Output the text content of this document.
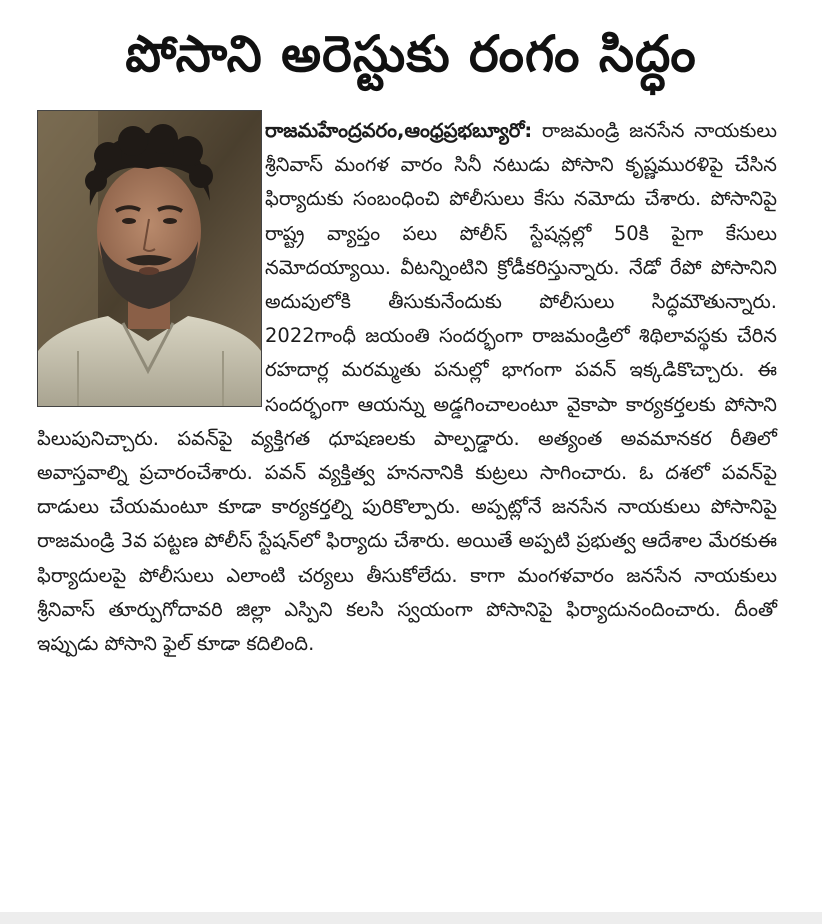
పోసాని అరెస్టుకు రంగం సిద్ధం
రాజమహేంద్రవరం,ఆంధ్రప్రభబ్యూరో: రాజమండ్రి జనసేన నాయకులు శ్రీనివాస్ మంగళ వారం సినీ నటుడు పోసాని కృష్ణమురళిపై చేసిన ఫిర్యాదుకు సంబంధించి పోలీసులు కేసు నమోదు చేశారు. పోసానిపై రాష్ట్ర వ్యాప్తం పలు పోలీస్ స్టేషన్లల్లో 50కి పైగా కేసులు నమోదయ్యాయి. వీటన్నింటిని క్రోడీకరిస్తున్నారు. నేడో రేపో పోసానిని అదుపులోకి తీసుకునేందుకు పోలీసులు సిద్ధమౌతున్నారు. 2022గాంధీ జయంతి సందర్భంగా రాజమండ్రిలో శిథిలావస్థకు చేరిన రహదార్ల మరమ్మతు పనుల్లో భాగంగా పవన్ ఇక్కడికొచ్చారు. ఈ సందర్భంగా ఆయన్ను అడ్డగించాలంటూ వైకాపా కార్యకర్తలకు పోసాని పిలుపునిచ్చారు. పవన్‌పై వ్యక్తిగత ధూషణలకు పాల్పడ్డారు. అత్యంత అవమానకర రీతిలో అవాస్తవాల్ని ప్రచారంచేశారు. పవన్ వ్యక్తిత్వ హననానికి కుట్రలు సాగించారు. ఓ దశలో పవన్‌పై దాడులు చేయమంటూ కూడా కార్యకర్తల్ని పురికొల్పారు. అప్పట్లోనే జనసేన నాయకులు పోసానిపై రాజమండ్రి 3వ పట్టణ పోలీస్ స్టేషన్‌లో ఫిర్యాదు చేశారు. అయితే అప్పటి ప్రభుత్వ ఆదేశాల మేరకుఈ ఫిర్యాదులపై పోలీసులు ఎలాంటి చర్యలు తీసుకోలేదు. కాగా మంగళవారం జనసేన నాయకులు శ్రీనివాస్ తూర్పుగోదావరి జిల్లా ఎస్పిని కలసి స్వయంగా పోసానిపై ఫిర్యాదునందించారు. దీంతో ఇప్పుడు పోసాని ఫైల్ కూడా కదిలింది.
